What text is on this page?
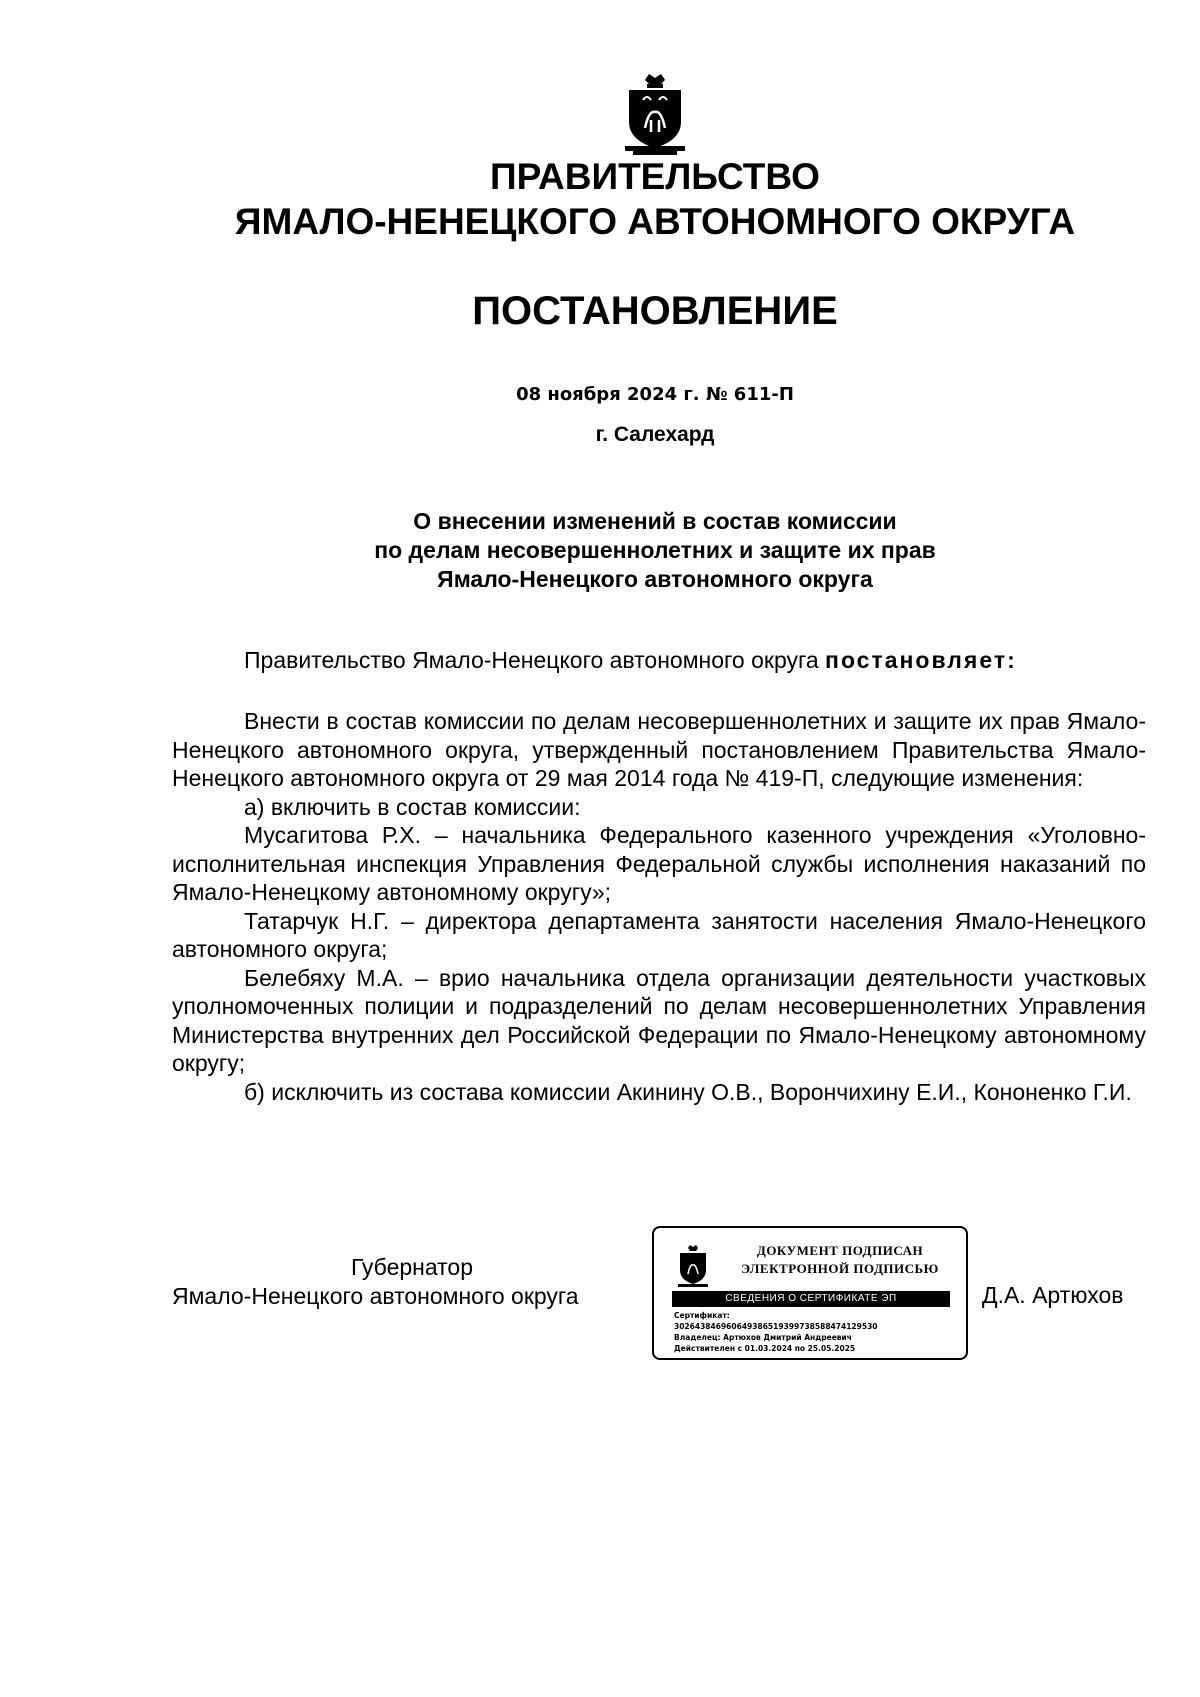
ПРАВИТЕЛЬСТВО
ЯМАЛО-НЕНЕЦКОГО АВТОНОМНОГО ОКРУГА
ПОСТАНОВЛЕНИЕ
08 ноября 2024 г. № 611-П
г. Салехард
О внесении изменений в состав комиссии
по делам несовершеннолетних и защите их прав
Ямало-Ненецкого автономного округа
Правительство Ямало-Ненецкого автономного округа постановляет:
Внести в состав комиссии по делам несовершеннолетних и защите их прав Ямало-Ненецкого автономного округа, утвержденный постановлением Правительства Ямало-Ненецкого автономного округа от 29 мая 2014 года № 419-П, следующие изменения:
а) включить в состав комиссии:
Мусагитова Р.Х. – начальника Федерального казенного учреждения «Уголовно-исполнительная инспекция Управления Федеральной службы исполнения наказаний по Ямало-Ненецкому автономному округу»;
Татарчук Н.Г. – директора департамента занятости населения Ямало-Ненецкого автономного округа;
Белебяху М.А. – врио начальника отдела организации деятельности участковых уполномоченных полиции и подразделений по делам несовершеннолетних Управления Министерства внутренних дел Российской Федерации по Ямало-Ненецкому автономному округу;
б) исключить из состава комиссии Акинину О.В., Ворончихину Е.И., Кононенко Г.И.
Губернатор
Ямало-Ненецкого автономного округа
ДОКУМЕНТ ПОДПИСАН
ЭЛЕКТРОННОЙ ПОДПИСЬЮ
СВЕДЕНИЯ О СЕРТИФИКАТЕ ЭП
Сертификат:
3026438469606493865193997385884741295​30
Владелец: Артюхов Дмитрий Андреевич
Действителен с 01.03.2024 по 25.05.2025
Д.А. Артюхов
